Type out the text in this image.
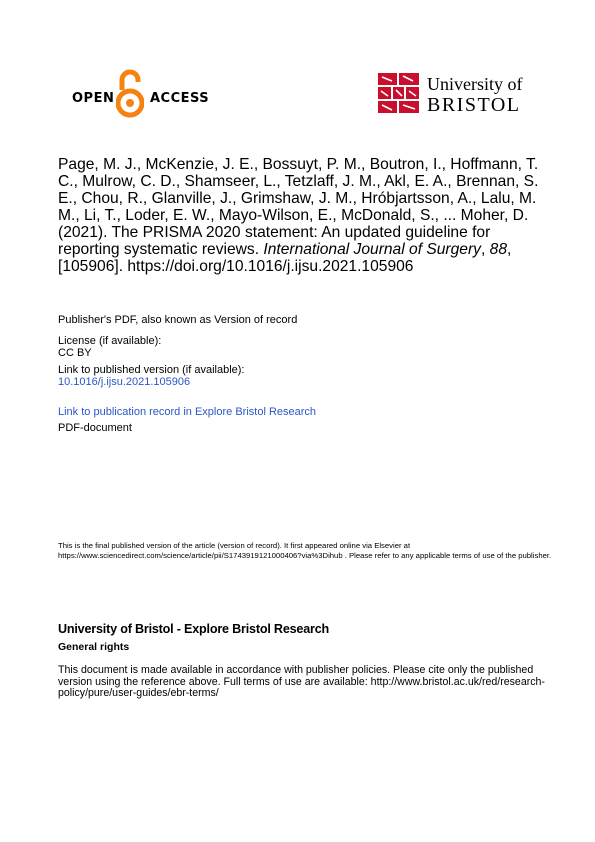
OPEN	ACCESS
University of
BRISTOL
Page, M. J., McKenzie, J. E., Bossuyt, P. M., Boutron, I., Hoffmann, T. C., Mulrow, C. D., Shamseer, L., Tetzlaff, J. M., Akl, E. A., Brennan, S. E., Chou, R., Glanville, J., Grimshaw, J. M., Hróbjartsson, A., Lalu, M. M., Li, T., Loder, E. W., Mayo-Wilson, E., McDonald, S., ... Moher, D. (2021). The PRISMA 2020 statement: An updated guideline for reporting systematic reviews. International Journal of Surgery, 88, [105906]. https://doi.org/10.1016/j.ijsu.2021.105906
Publisher's PDF, also known as Version of record
License (if available):
CC BY
Link to published version (if available):
10.1016/j.ijsu.2021.105906
Link to publication record in Explore Bristol Research
PDF-document
This is the final published version of the article (version of record). It first appeared online via Elsevier at https://www.sciencedirect.com/science/article/pii/S1743919121000406?via%3Dihub . Please refer to any applicable terms of use of the publisher.
University of Bristol - Explore Bristol Research
General rights
This document is made available in accordance with publisher policies. Please cite only the published version using the reference above. Full terms of use are available: http://www.bristol.ac.uk/red/research-policy/pure/user-guides/ebr-terms/
